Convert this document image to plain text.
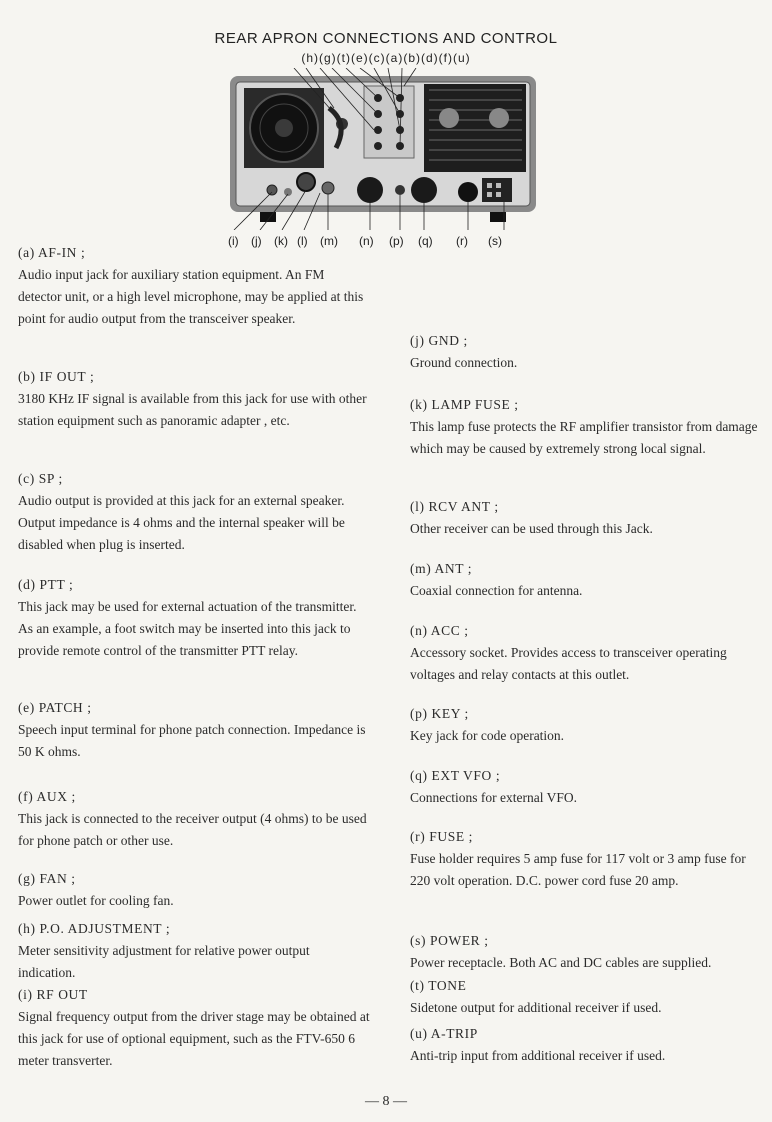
REAR APRON CONNECTIONS AND CONTROL
(h)(g)(t)(e)(c)(a)(b)(d)(f)(u)
(i) (j) (k) (l) (m) (n) (p) (q) (r) (s)
(a) AF-IN ;
Audio input jack for auxiliary station equipment. An FM detector unit, or a high level microphone, may be applied at this point for audio output from the transceiver speaker.
(b) IF OUT ;
3180 KHz IF signal is available from this jack for use with other station equipment such as panoramic adapter , etc.
(c) SP ;
Audio output is provided at this jack for an external speaker. Output impedance is 4 ohms and the internal speaker will be disabled when plug is inserted.
(d) PTT ;
This jack may be used for external actuation of the transmitter. As an example, a foot switch may be inserted into this jack to provide remote control of the transmitter PTT relay.
(e) PATCH ;
Speech input terminal for phone patch connection. Impedance is 50 K ohms.
(f) AUX ;
This jack is connected to the receiver output (4 ohms) to be used for phone patch or other use.
(g) FAN ;
Power outlet for cooling fan.
(h) P.O. ADJUSTMENT ;
Meter sensitivity adjustment for relative power output indication.
(i) RF OUT
Signal frequency output from the driver stage may be obtained at this jack for use of optional equipment, such as the FTV-650 6 meter transverter.
(j) GND ;
Ground connection.
(k) LAMP FUSE ;
This lamp fuse protects the RF amplifier transistor from damage which may be caused by extremely strong local signal.
(l) RCV ANT ;
Other receiver can be used through this Jack.
(m) ANT ;
Coaxial connection for antenna.
(n) ACC ;
Accessory socket. Provides access to transceiver operating voltages and relay contacts at this outlet.
(p) KEY ;
Key jack for code operation.
(q) EXT VFO ;
Connections for external VFO.
(r) FUSE ;
Fuse holder requires 5 amp fuse for 117 volt or 3 amp fuse for 220 volt operation. D.C. power cord fuse 20 amp.
(s) POWER ;
Power receptacle. Both AC and DC cables are supplied.
(t) TONE
Sidetone output for additional receiver if used.
(u) A-TRIP
Anti-trip input from additional receiver if used.
— 8 —
